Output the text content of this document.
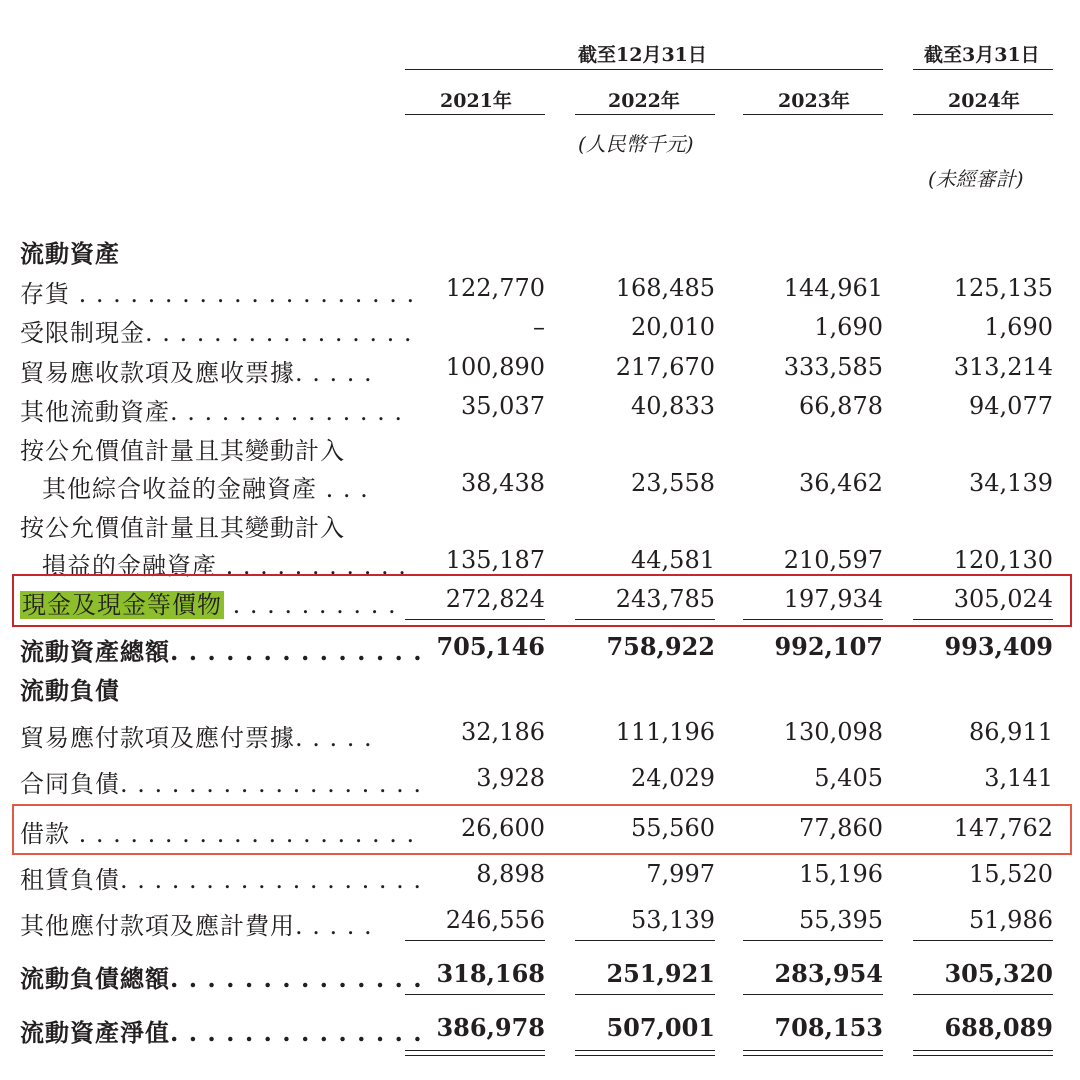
截至12月31日	截至3月31日
2021年	2022年	2023年	2024年
(人民幣千元)
(未經審計)
流動資產
流動負債
存貨 . . . . . . . . . . . . . . . . . . . .	122,770	168,485	144,961	125,135
受限制現金. . . . . . . . . . . . . . . .	–	20,010	1,690	1,690
貿易應收款項及應收票據. . . . .	100,890	217,670	333,585	313,214
其他流動資產. . . . . . . . . . . . . .	35,037	40,833	66,878	94,077
按公允價值計量且其變動計入
其他綜合收益的金融資產 . . .	38,438	23,558	36,462	34,139
按公允價值計量且其變動計入
損益的金融資產 . . . . . . . . . . .	135,187	44,581	210,597	120,130
現金及現金等價物 . . . . . . . . . .	272,824	243,785	197,934	305,024
流動資產總額. . . . . . . . . . . . . . 705,146	758,922	992,107	993,409
貿易應付款項及應付票據. . . . .	32,186	111,196	130,098	86,911
合同負債. . . . . . . . . . . . . . . . . .	3,928	24,029	5,405	3,141
借款 . . . . . . . . . . . . . . . . . . . .	26,600	55,560	77,860	147,762
租賃負債. . . . . . . . . . . . . . . . . .	8,898	7,997	15,196	15,520
其他應付款項及應計費用. . . . .	246,556	53,139	55,395	51,986
流動負債總額. . . . . . . . . . . . . . 318,168	251,921	283,954	305,320
流動資產淨值. . . . . . . . . . . . . . 386,978	507,001	708,153	688,089
